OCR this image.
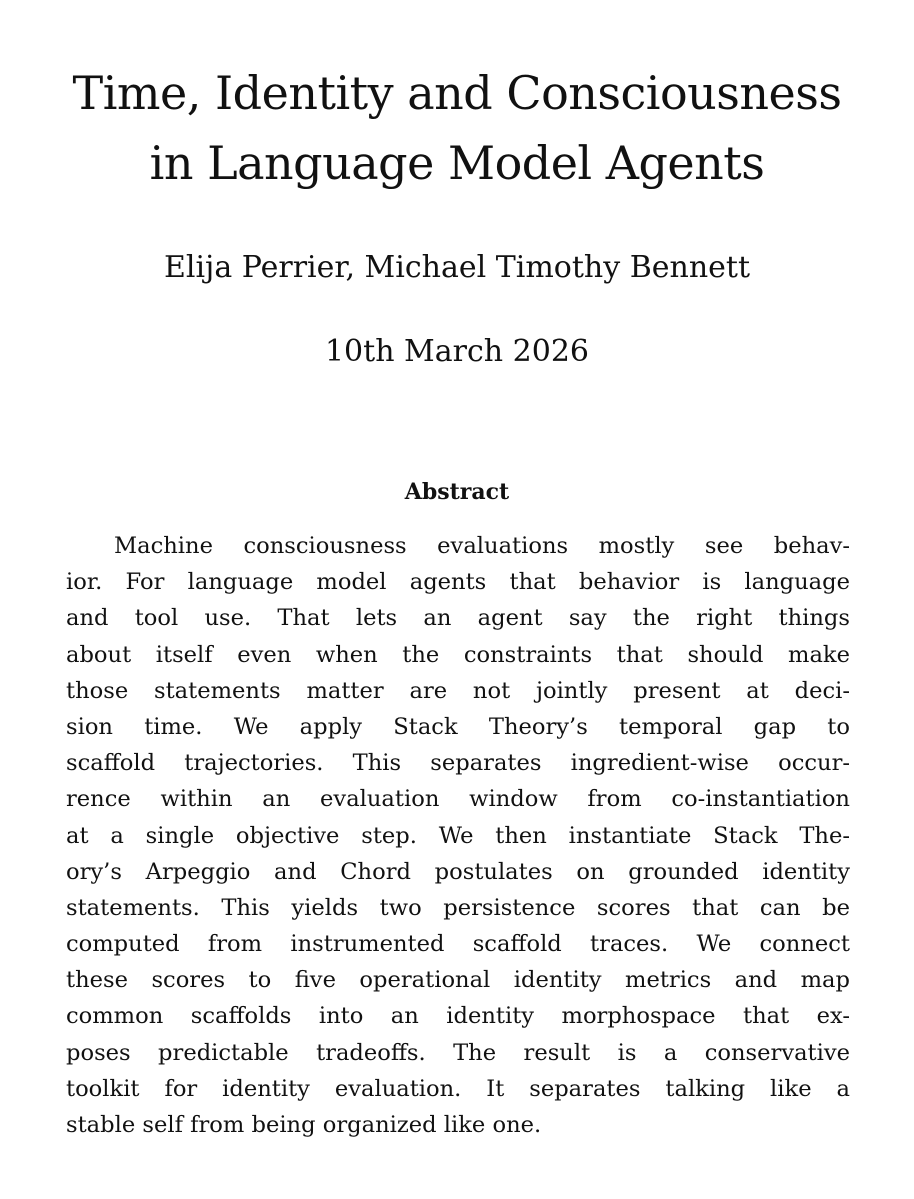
Time, Identity and Consciousness
in Language Model Agents

Elija Perrier, Michael Timothy Bennett

10th March 2026

Abstract
Machine consciousness evaluations mostly see behav-
ior. For language model agents that behavior is language
and tool use. That lets an agent say the right things
about itself even when the constraints that should make
those statements matter are not jointly present at deci-
sion time. We apply Stack Theory’s temporal gap to
scaffold trajectories. This separates ingredient-wise occur-
rence within an evaluation window from co-instantiation
at a single objective step. We then instantiate Stack The-
ory’s Arpeggio and Chord postulates on grounded identity
statements. This yields two persistence scores that can be
computed from instrumented scaffold traces. We connect
these scores to five operational identity metrics and map
common scaffolds into an identity morphospace that ex-
poses predictable tradeoffs. The result is a conservative
toolkit for identity evaluation. It separates talking like a
stable self from being organized like one.
